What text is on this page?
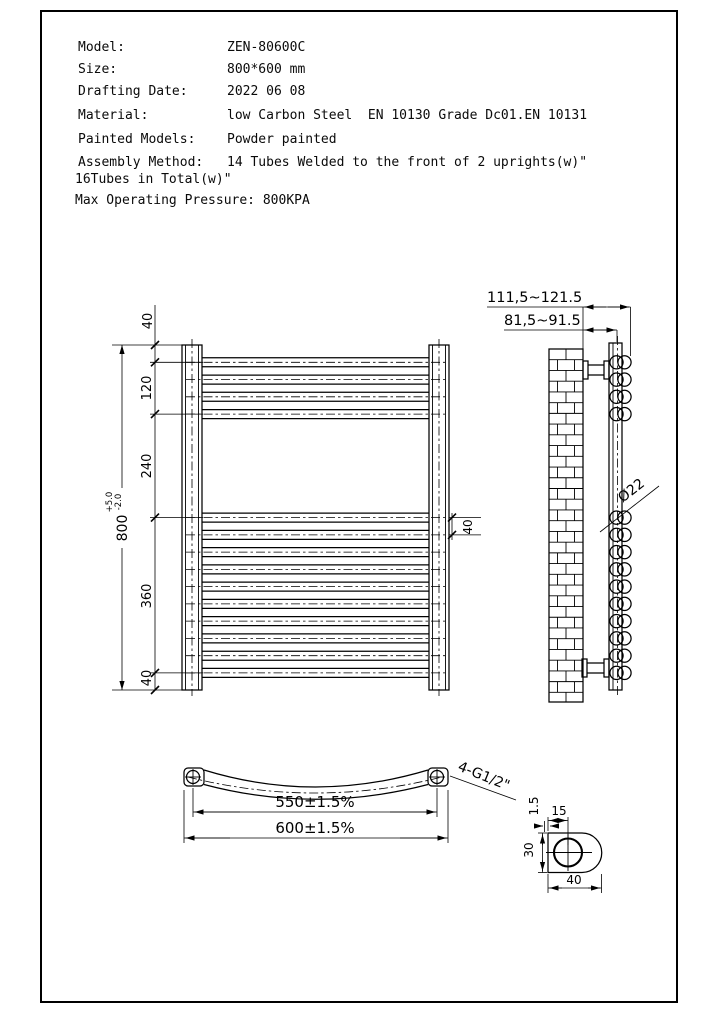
Model:	ZEN-80600C
Size:	800*600 mm
Drafting Date:	2022 06 08
Material:	low Carbon Steel  EN 10130 Grade Dc01.EN 10131
Painted Models: Powder painted
Assembly Method: 14 Tubes Welded to the front of 2 uprights(w)"
16Tubes in Total(w)"
Max Operating Pressure: 800KPA
40
120
240
360
40
800
+5.0 -2.0
40
111,5~121.5
81,5~91.5
Ø22
550±1.5%
600±1.5%
4-G1/2"
15
1.5
30
40
